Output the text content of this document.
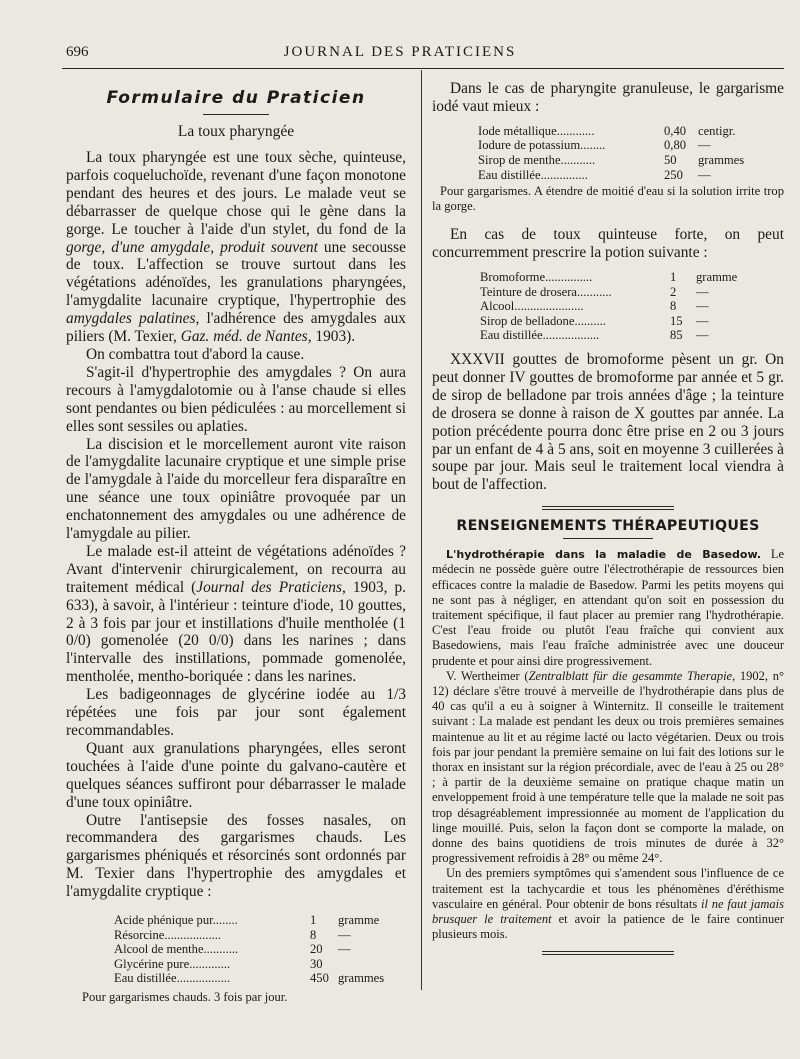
696	JOURNAL DES PRATICIENS
Formulaire du Praticien
La toux pharyngée

La toux pharyngée est une toux sèche, quinteuse, parfois coqueluchoïde, revenant d'une façon monotone pendant des heures et des jours. Le malade veut se débarrasser de quelque chose qui le gène dans la gorge. Le toucher à l'aide d'un stylet, du fond de la gorge, d'une amygdale, produit souvent une secousse de toux. L'affection se trouve surtout dans les végétations adénoïdes, les granulations pharyngées, l'amygdalite lacunaire cryptique, l'hypertrophie des amygdales palatines, l'adhérence des amygdales aux piliers (M. Texier, Gaz. méd. de Nantes, 1903).

On combattra tout d'abord la cause.

S'agit-il d'hypertrophie des amygdales ? On aura recours à l'amygdalotomie ou à l'anse chaude si elles sont pendantes ou bien pédiculées : au morcellement si elles sont sessiles ou aplaties.

La discision et le morcellement auront vite raison de l'amygdalite lacunaire cryptique et une simple prise de l'amygdale à l'aide du morcelleur fera disparaître en une séance une toux opiniâtre provoquée par un enchatonnement des amygdales ou une adhérence de l'amygdale au pilier.

Le malade est-il atteint de végétations adénoïdes ? Avant d'intervenir chirurgicalement, on recourra au traitement médical (Journal des Praticiens, 1903, p. 633), à savoir, à l'intérieur : teinture d'iode, 10 gouttes, 2 à 3 fois par jour et instillations d'huile mentholée (1 0/0) gomenolée (20 0/0) dans les narines ; dans l'intervalle des instillations, pommade gomenolée, mentholée, mentho-boriquée : dans les narines.

Les badigeonnages de glycérine iodée au 1/3 répétées une fois par jour sont également recommandables.

Quant aux granulations pharyngées, elles seront touchées à l'aide d'une pointe du galvano-cautère et quelques séances suffiront pour débarrasser le malade d'une toux opiniâtre.

Outre l'antisepsie des fosses nasales, on recommandera des gargarismes chauds. Les gargarismes phéniqués et résorcinés sont ordonnés par M. Texier dans l'hypertrophie des amygdales et l'amygdalite cryptique :

Acide phénique pur........	1	gramme
Résorcine..................	8	—
Alcool de menthe...........	20	—
Glycérine pure.............	30	
Eau distillée.................	450	grammes
Pour gargarismes chauds. 3 fois par jour.

Dans le cas de pharyngite granuleuse, le gargarisme iodé vaut mieux :

Iode métallique............	0,40	centigr.
Iodure de potassium........	0,80	—
Sirop de menthe...........	50	grammes
Eau distillée...............	250	—
Pour gargarismes. A étendre de moitié d'eau si la solution irrite trop la gorge.

En cas de toux quinteuse forte, on peut concurremment prescrire la potion suivante :

Bromoforme...............	1	gramme
Teinture de drosera...........	2	—
Alcool......................	8	—
Sirop de belladone..........	15	—
Eau distillée..................	85	—

XXXVII gouttes de bromoforme pèsent un gr. On peut donner IV gouttes de bromoforme par année et 5 gr. de sirop de belladone par trois années d'âge ; la teinture de drosera se donne à raison de X gouttes par année. La potion précédente pourra donc être prise en 2 ou 3 jours par un enfant de 4 à 5 ans, soit en moyenne 3 cuillerées à soupe par jour. Mais seul le traitement local viendra à bout de l'affection.

RENSEIGNEMENTS THÉRAPEUTIQUES

L'hydrothérapie dans la maladie de Basedow. Le médecin ne possède guère outre l'électrothérapie de ressources bien efficaces contre la maladie de Basedow. Parmi les petits moyens qui ne sont pas à négliger, en attendant qu'on soit en possession du traitement spécifique, il faut placer au premier rang l'hydrothérapie. C'est l'eau froide ou plutôt l'eau fraîche qui convient aux Basedowiens, mais l'eau fraîche administrée avec une douceur prudente et pour ainsi dire progressivement.

V. Wertheimer (Zentralblatt für die gesammte Therapie, 1902, n° 12) déclare s'être trouvé à merveille de l'hydrothérapie dans plus de 40 cas qu'il a eu à soigner à Winternitz. Il conseille le traitement suivant : La malade est pendant les deux ou trois premières semaines maintenue au lit et au régime lacté ou lacto végétarien. Deux ou trois fois par jour pendant la première semaine on lui fait des lotions sur le thorax en insistant sur la région précordiale, avec de l'eau à 25 ou 28° ; à partir de la deuxième semaine on pratique chaque matin un enveloppement froid à une température telle que la malade ne soit pas trop désagréablement impressionnée au moment de l'application du linge mouillé. Puis, selon la façon dont se comporte la malade, on donne des bains quotidiens de trois minutes de durée à 32° progressivement refroidis à 28° ou même 24°.

Un des premiers symptômes qui s'amendent sous l'influence de ce traitement est la tachycardie et tous les phénomènes d'éréthisme vasculaire en général. Pour obtenir de bons résultats il ne faut jamais brusquer le traitement et avoir la patience de le faire continuer plusieurs mois.
